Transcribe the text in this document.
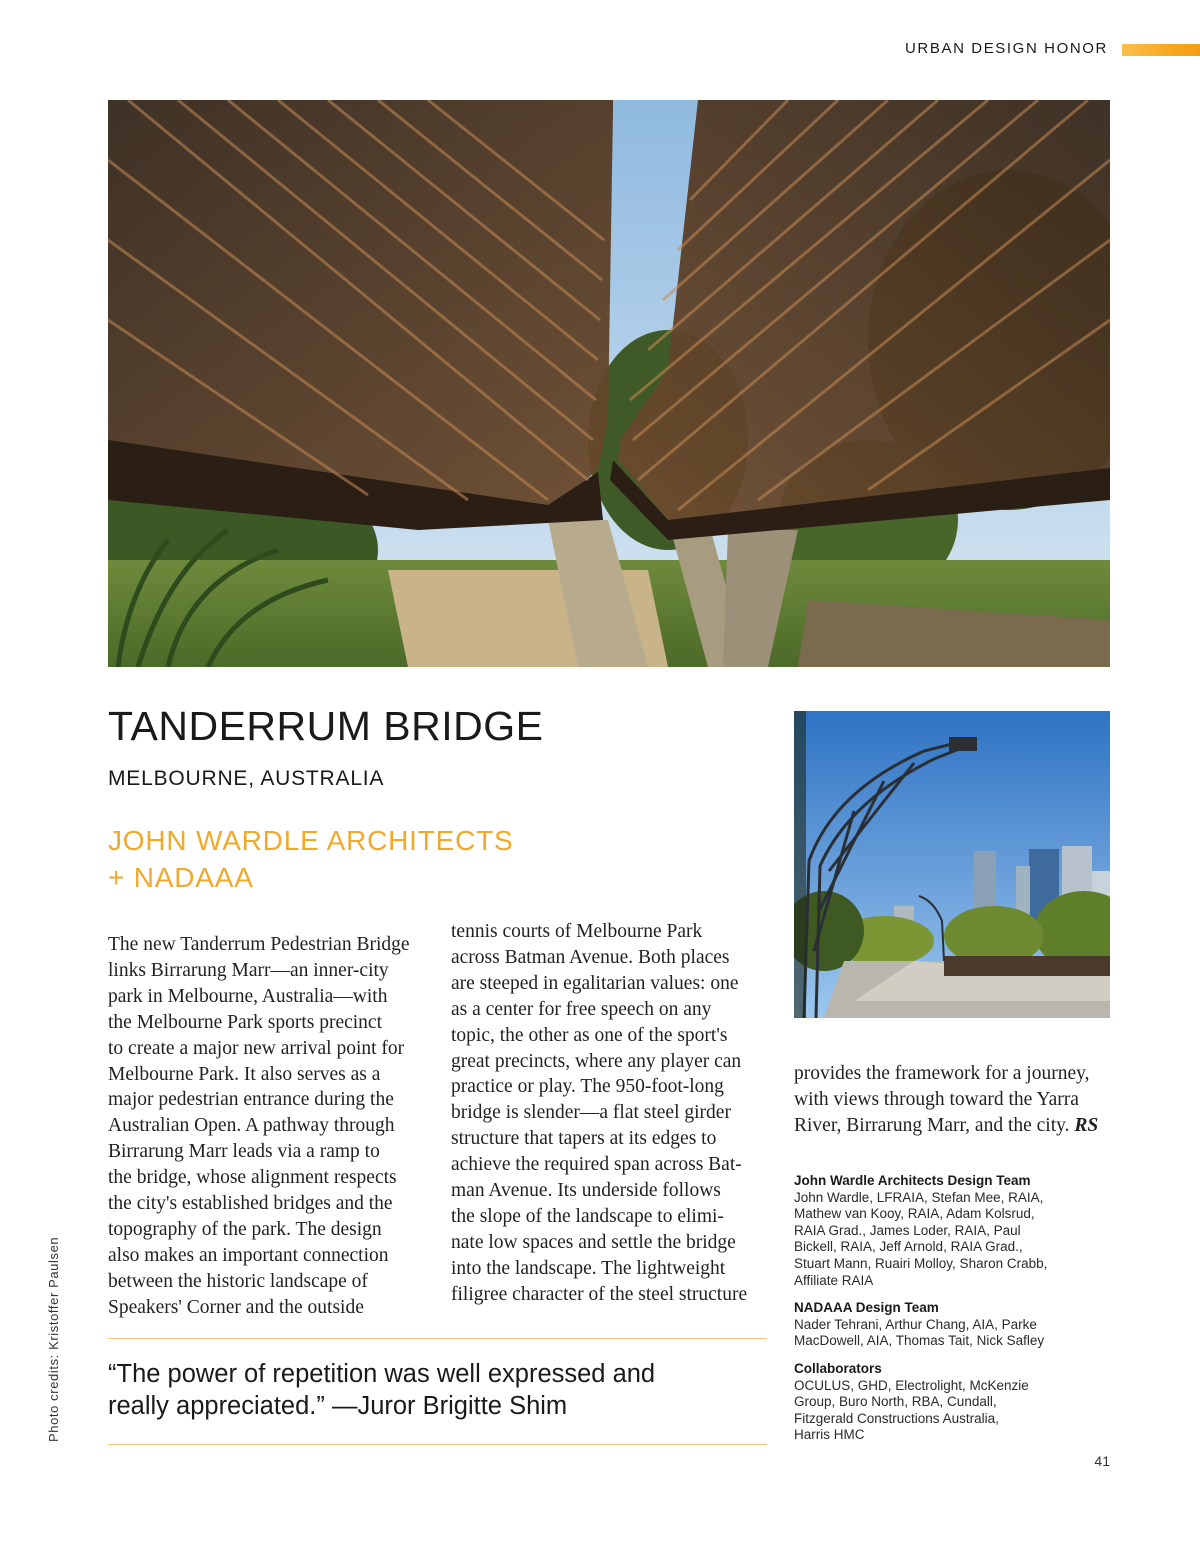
URBAN DESIGN HONOR
TANDERRUM BRIDGE
MELBOURNE, AUSTRALIA
JOHN WARDLE ARCHITECTS
+ NADAAA
The new Tanderrum Pedestrian Bridge
links Birrarung Marr—an inner-city
park in Melbourne, Australia—with
the Melbourne Park sports precinct
to create a major new arrival point for
Melbourne Park. It also serves as a
major pedestrian entrance during the
Australian Open. A pathway through
Birrarung Marr leads via a ramp to
the bridge, whose alignment respects
the city's established bridges and the
topography of the park. The design
also makes an important connection
between the historic landscape of
Speakers' Corner and the outside
tennis courts of Melbourne Park
across Batman Avenue. Both places
are steeped in egalitarian values: one
as a center for free speech on any
topic, the other as one of the sport's
great precincts, where any player can
practice or play. The 950-foot-long
bridge is slender—a flat steel girder
structure that tapers at its edges to
achieve the required span across Bat-
man Avenue. Its underside follows
the slope of the landscape to elimi-
nate low spaces and settle the bridge
into the landscape. The lightweight
filigree character of the steel structure
provides the framework for a journey,
with views through toward the Yarra
River, Birrarung Marr, and the city. RS
John Wardle Architects Design Team
John Wardle, LFRAIA, Stefan Mee, RAIA,
Mathew van Kooy, RAIA, Adam Kolsrud,
RAIA Grad., James Loder, RAIA, Paul
Bickell, RAIA, Jeff Arnold, RAIA Grad.,
Stuart Mann, Ruairi Molloy, Sharon Crabb,
Affiliate RAIA
NADAAA Design Team
Nader Tehrani, Arthur Chang, AIA, Parke
MacDowell, AIA, Thomas Tait, Nick Safley
Collaborators
OCULUS, GHD, Electrolight, McKenzie
Group, Buro North, RBA, Cundall,
Fitzgerald Constructions Australia,
Harris HMC
“The power of repetition was well expressed and
really appreciated.” —Juror Brigitte Shim
Photo credits: Kristoffer Paulsen
41
